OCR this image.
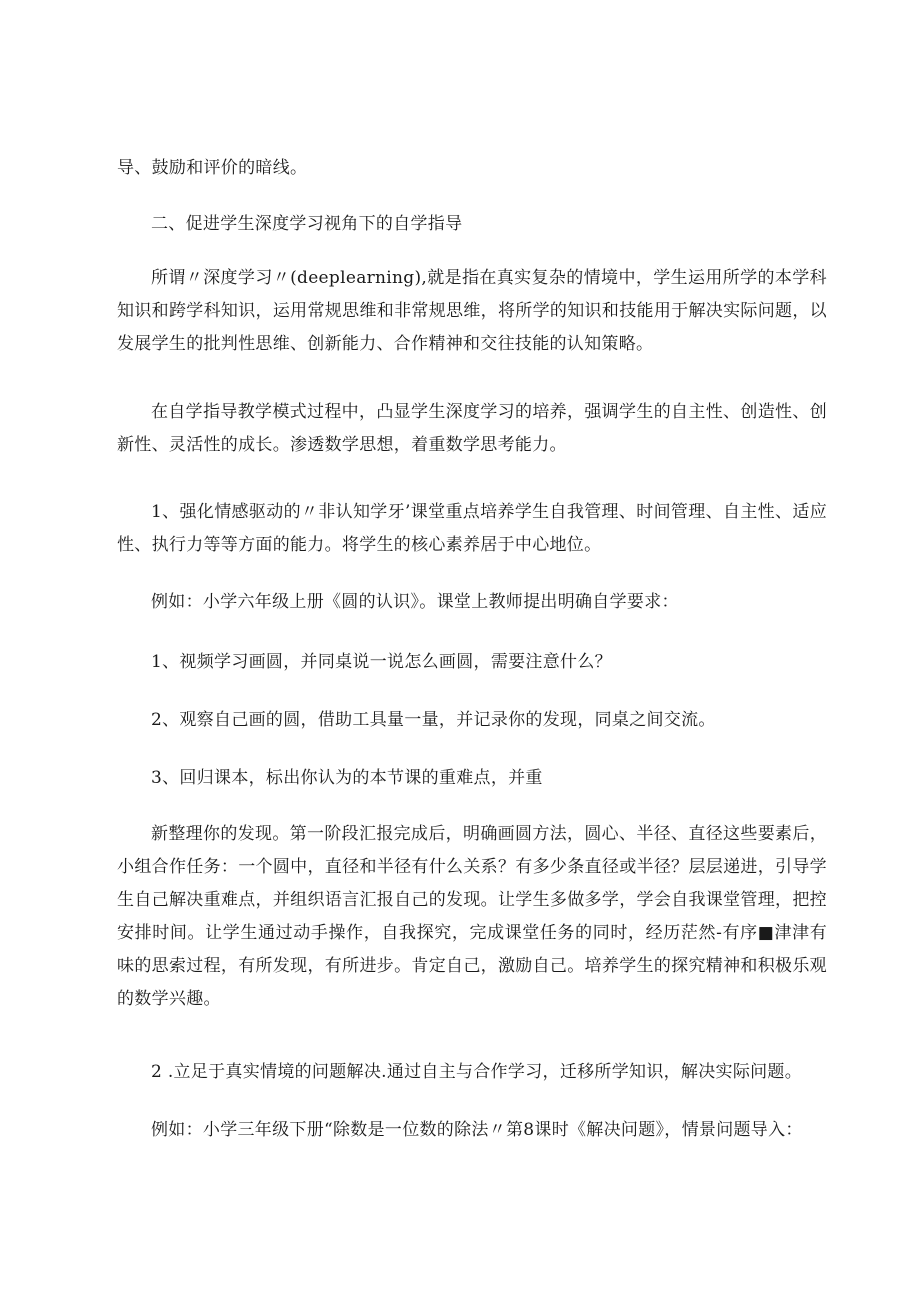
导、鼓励和评价的暗线。

二、促进学生深度学习视角下的自学指导

所谓〃深度学习〃(deeplearning),就是指在真实复杂的情境中，学生运用所学的本学科知识和跨学科知识，运用常规思维和非常规思维，将所学的知识和技能用于解决实际问题，以发展学生的批判性思维、创新能力、合作精神和交往技能的认知策略。

在自学指导教学模式过程中，凸显学生深度学习的培养，强调学生的自主性、创造性、创新性、灵活性的成长。渗透数学思想，着重数学思考能力。

1、强化情感驱动的〃非认知学牙’课堂重点培养学生自我管理、时间管理、自主性、适应性、执行力等等方面的能力。将学生的核心素养居于中心地位。

例如：小学六年级上册《圆的认识》。课堂上教师提出明确自学要求：

1、视频学习画圆，并同桌说一说怎么画圆，需要注意什么？

2、观察自己画的圆，借助工具量一量，并记录你的发现，同桌之间交流。

3、回归课本，标出你认为的本节课的重难点，并重

新整理你的发现。第一阶段汇报完成后，明确画圆方法，圆心、半径、直径这些要素后，小组合作任务：一个圆中，直径和半径有什么关系？有多少条直径或半径？层层递进，引导学生自己解决重难点，并组织语言汇报自己的发现。让学生多做多学，学会自我课堂管理，把控安排时间。让学生通过动手操作，自我探究，完成课堂任务的同时，经历茫然-有序■津津有味的思索过程，有所发现，有所进步。肯定自己，激励自己。培养学生的探究精神和积极乐观的数学兴趣。

2 .立足于真实情境的问题解决.通过自主与合作学习，迁移所学知识，解决实际问题。

例如：小学三年级下册“除数是一位数的除法〃第8课时《解决问题》，情景问题导入：
